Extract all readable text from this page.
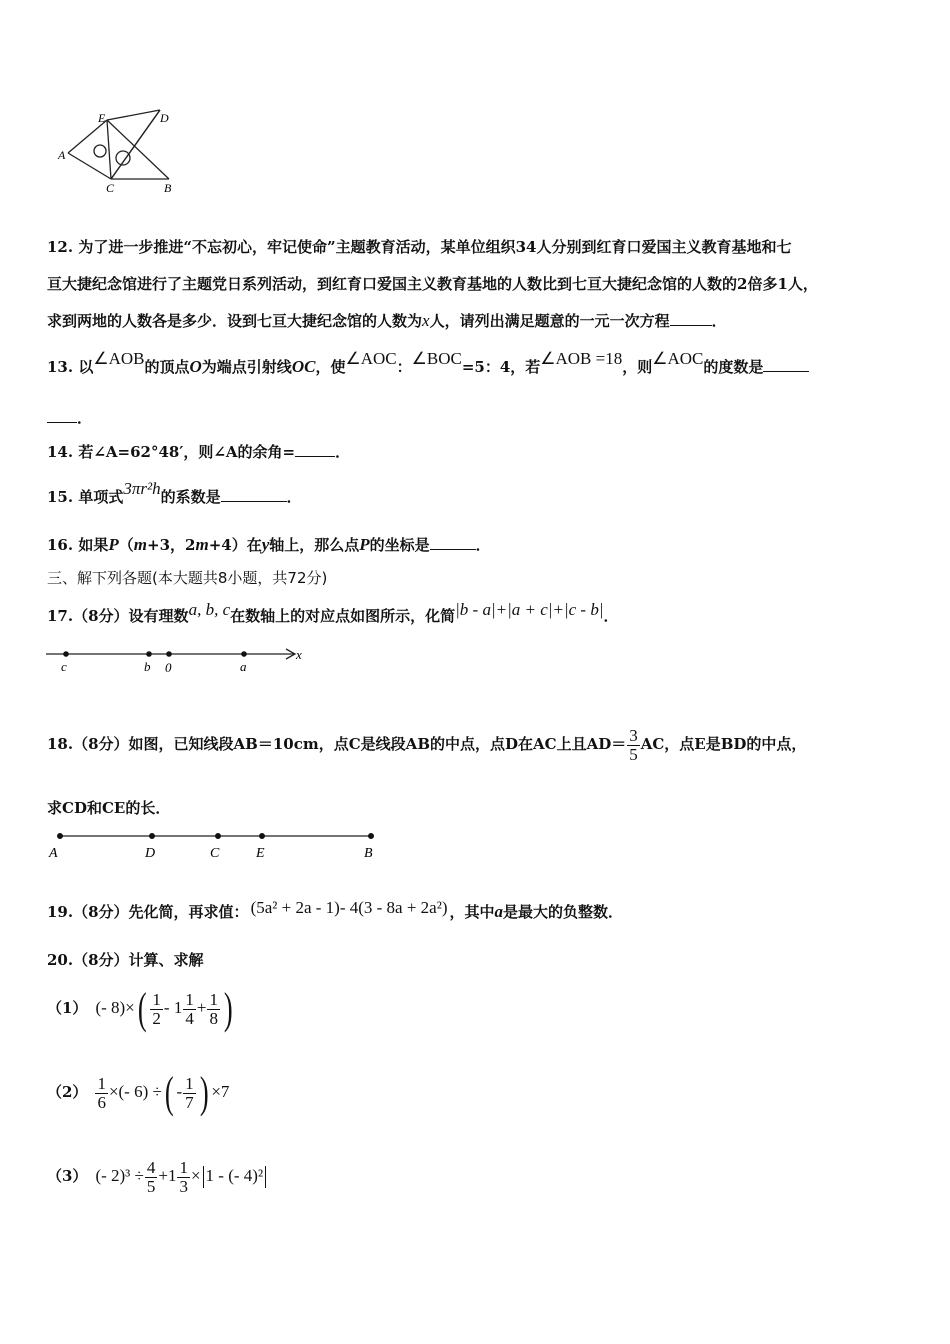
E	D
A
C	B
12. 为了进一步推进“不忘初心，牢记使命”主题教育活动，某单位组织34人分别到红育口爱国主义教育基地和七
亘大捷纪念馆进行了主题党日系列活动，到红育口爱国主义教育基地的人数比到七亘大捷纪念馆的人数的2倍多1人，
求到两地的人数各是多少．设到七亘大捷纪念馆的人数为x人，请列出满足题意的一元一次方程	．
13. 以∠AOB的顶点O为端点引射线OC，使∠AOC：∠BOC=5：4，若∠AOB =18，则∠AOC的度数是
．
14. 若∠A=62°48′，则∠A的余角=	．
15. 单项式3πr²h的系数是	．
16. 如果P（m+3，2m+4）在y轴上，那么点P的坐标是	．
三、解下列各题(本大题共8小题，共72分)
17.（8分）设有理数a, b, c在数轴上的对应点如图所示，化简|b - a|+|a + c|+|c - b|．
c	b 0	a
x
18.（8分）如图，已知线段AB＝10cm，点C是线段AB的中点，点D在AC上且$AD= \frac{3}{5}$ AC，点E是BD的中点，
求CD和CE的长．
A	D	C	E	B
19.（8分）先化简，再求值： (5a² + 2a - 1)- 4(3 - 8a + 2a²) ，其中a是最大的负整数．
20.（8分）计算、求解
（1） (- $8)\times( \frac{1}{2} - 1 \frac{1}{4} + \frac{1}{8}$ )
$(2) \frac{1}{6}$ ×(- 6) ÷( - $\frac{1}{7}$ ) ×7
（3） (- $2)^3 \div \frac{4}{5} +1 \frac{1}{3} \times 1$ - (- 4)²
